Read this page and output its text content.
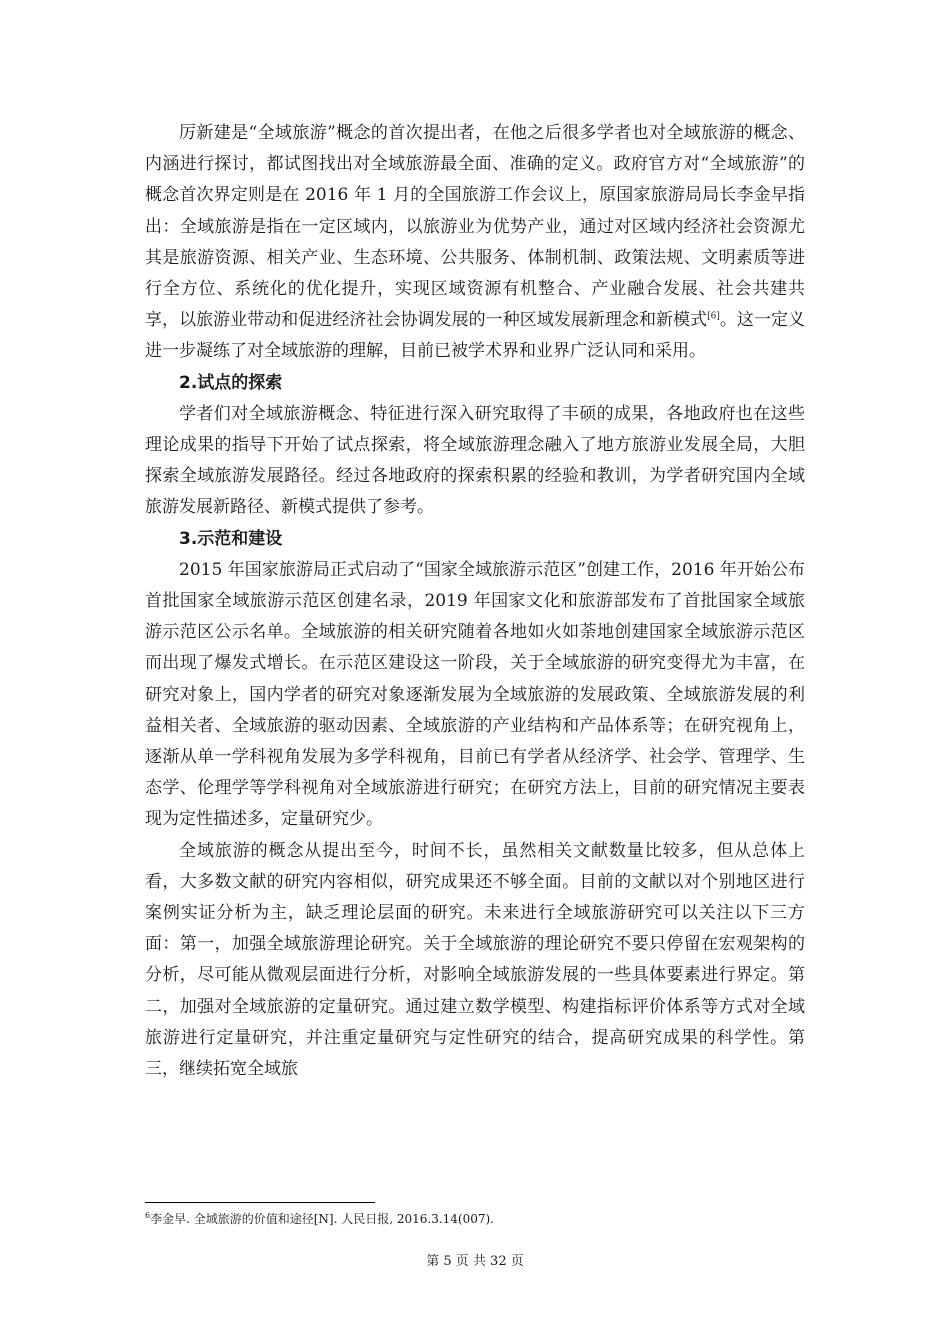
厉新建是“全域旅游”概念的首次提出者，在他之后很多学者也对全域旅游的概念、内涵进行探讨，都试图找出对全域旅游最全面、准确的定义。政府官方对“全域旅游”的概念首次界定则是在 2016 年 1 月的全国旅游工作会议上，原国家旅游局局长李金早指出：全域旅游是指在一定区域内，以旅游业为优势产业，通过对区域内经济社会资源尤其是旅游资源、相关产业、生态环境、公共服务、体制机制、政策法规、文明素质等进行全方位、系统化的优化提升，实现区域资源有机整合、产业融合发展、社会共建共享，以旅游业带动和促进经济社会协调发展的一种区域发展新理念和新模式[6]。这一定义进一步凝练了对全域旅游的理解，目前已被学术界和业界广泛认同和采用。

2.试点的探索

学者们对全域旅游概念、特征进行深入研究取得了丰硕的成果，各地政府也在这些理论成果的指导下开始了试点探索，将全域旅游理念融入了地方旅游业发展全局，大胆探索全域旅游发展路径。经过各地政府的探索积累的经验和教训，为学者研究国内全域旅游发展新路径、新模式提供了参考。

3.示范和建设

2015 年国家旅游局正式启动了“国家全域旅游示范区”创建工作，2016 年开始公布首批国家全域旅游示范区创建名录，2019 年国家文化和旅游部发布了首批国家全域旅游示范区公示名单。全域旅游的相关研究随着各地如火如荼地创建国家全域旅游示范区而出现了爆发式增长。在示范区建设这一阶段，关于全域旅游的研究变得尤为丰富，在研究对象上，国内学者的研究对象逐渐发展为全域旅游的发展政策、全域旅游发展的利益相关者、全域旅游的驱动因素、全域旅游的产业结构和产品体系等；在研究视角上，逐渐从单一学科视角发展为多学科视角，目前已有学者从经济学、社会学、管理学、生态学、伦理学等学科视角对全域旅游进行研究；在研究方法上，目前的研究情况主要表现为定性描述多，定量研究少。

全域旅游的概念从提出至今，时间不长，虽然相关文献数量比较多，但从总体上看，大多数文献的研究内容相似，研究成果还不够全面。目前的文献以对个别地区进行案例实证分析为主，缺乏理论层面的研究。未来进行全域旅游研究可以关注以下三方面：第一，加强全域旅游理论研究。关于全域旅游的理论研究不要只停留在宏观架构的分析，尽可能从微观层面进行分析，对影响全域旅游发展的一些具体要素进行界定。第二，加强对全域旅游的定量研究。通过建立数学模型、构建指标评价体系等方式对全域旅游进行定量研究，并注重定量研究与定性研究的结合，提高研究成果的科学性。第三，继续拓宽全域旅

$^6$李金早. 全域旅游的价值和途径[N]. 人民日报, 2016.3.14(007).
第 5 页 共 32 页
